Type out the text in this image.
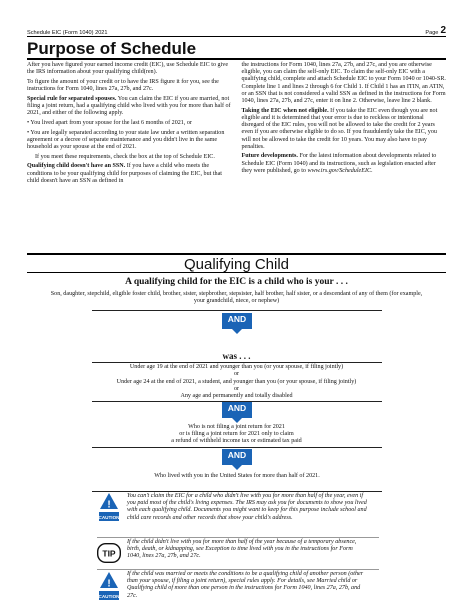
Schedule EIC (Form 1040) 2021	Page 2
Purpose of Schedule

After you have figured your earned income credit (EIC), use Schedule EIC to give the IRS information about your qualifying child(ren).

To figure the amount of your credit or to have the IRS figure it for you, see the instructions for Form 1040, lines 27a, 27b, and 27c.

Special rule for separated spouses. You can claim the EIC if you are married, not filing a joint return, had a qualifying child who lived with you for more than half of 2021, and either of the following apply.

• You lived apart from your spouse for the last 6 months of 2021, or

• You are legally separated according to your state law under a written separation agreement or a decree of separate maintenance and you didn't live in the same household as your spouse at the end of 2021.

If you meet these requirements, check the box at the top of Schedule EIC.

Qualifying child doesn't have an SSN. If you have a child who meets the conditions to be your qualifying child for purposes of claiming the EIC, but that child doesn't have an SSN as defined in

the instructions for Form 1040, lines 27a, 27b, and 27c, and you are otherwise eligible, you can claim the self-only EIC. To claim the self-only EIC with a qualifying child, complete and attach Schedule EIC to your Form 1040 or 1040-SR. Complete line 1 and lines 2 through 6 for Child 1. If Child 1 has an ITIN, an ATIN, or an SSN that is not considered a valid SSN as defined in the instructions for Form 1040, lines 27a, 27b, and 27c, enter it on line 2. Otherwise, leave line 2 blank.

Taking the EIC when not eligible. If you take the EIC even though you are not eligible and it is determined that your error is due to reckless or intentional disregard of the EIC rules, you will not be allowed to take the credit for 2 years even if you are otherwise eligible to do so. If you fraudulently take the EIC, you will not be allowed to take the credit for 10 years. You may also have to pay penalties.

Future developments. For the latest information about developments related to Schedule EIC (Form 1040) and its instructions, such as legislation enacted after they were published, go to www.irs.gov/ScheduleEIC.

Qualifying Child
A qualifying child for the EIC is a child who is your . . .
Son, daughter, stepchild, eligible foster child, brother, sister, stepbrother, stepsister, half brother, half sister, or a descendant of any of them (for example, your grandchild, niece, or nephew)
AND
was . . .
Under age 19 at the end of 2021 and younger than you (or your spouse, if filing jointly)
or
Under age 24 at the end of 2021, a student, and younger than you (or your spouse, if filing jointly)
or
Any age and permanently and totally disabled
AND
Who is not filing a joint return for 2021
or is filing a joint return for 2021 only to claim
a refund of withheld income tax or estimated tax paid
AND
Who lived with you in the United States for more than half of 2021.
!
CAUTION
You can't claim the EIC for a child who didn't live with you for more than half of the year, even if you paid most of the child's living expenses. The IRS may ask you for documents to show you lived with each qualifying child. Documents you might want to keep for this purpose include school and child care records and other records that show your child's address.
TIP
If the child didn't live with you for more than half of the year because of a temporary absence, birth, death, or kidnapping, see Exception to time lived with you in the instructions for Form 1040, lines 27a, 27b, and 27c.
!
CAUTION
If the child was married or meets the conditions to be a qualifying child of another person (other than your spouse, if filing a joint return), special rules apply. For details, see Married child or Qualifying child of more than one person in the instructions for Form 1040, lines 27a, 27b, and 27c.
